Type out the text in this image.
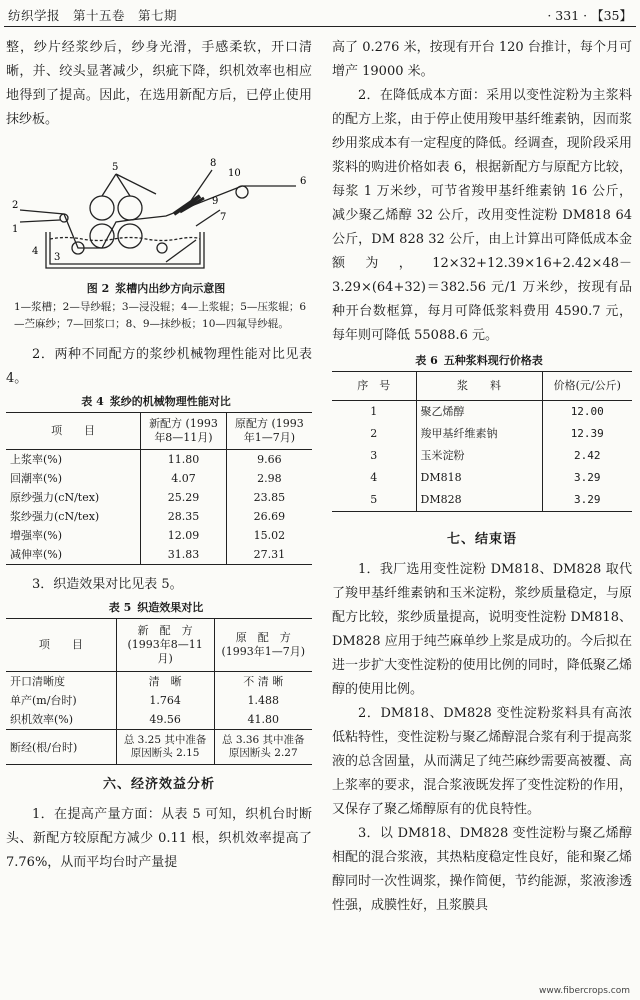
纺织学报　第十五卷　第七期	· 331 · 【35】

整，纱片经浆纱后，纱身光滑，手感柔软，开口清晰，并、绞头显著减少，织疵下降，织机效率也相应地得到了提高。因此，在选用新配方后，已停止使用抹纱板。

2
1
4
3
5	8
6
10
9
7
图 2 浆槽内出纱方向示意图
1—浆槽；2—导纱辊；3—浸没辊；4—上浆辊；5—压浆辊；6—苎麻纱；7—回浆口；8、9—抹纱板；10—四氟导纱辊。

2．两种不同配方的浆纱机械物理性能对比见表 4。

表 4 浆纱的机械物理性能对比
项　　目	新配方 (1993年8—11月)	原配方 (1993年1—7月)
上浆率(%)	11.80	9.66
回潮率(%)	4.07	2.98
原纱强力(cN/tex)	25.29	23.85
浆纱强力(cN/tex)	28.35	26.69
增强率(%)	12.09	15.02
减伸率(%)	31.83	27.31

3．织造效果对比见表 5。

表 5 织造效果对比
项　　目	新　配　方 (1993年8—11月)	原　配　方 (1993年1—7月)
开口清晰度	清　晰	不 清 晰
单产(m/台时)	1.764	1.488
织机效率(%)	49.56	41.80
断经(根/台时)	总 3.25 其中准备原因断头 2.15	总 3.36 其中准备原因断头 2.27
六、经济效益分析

1．在提高产量方面：从表 5 可知，织机台时断头、新配方较原配方减少 0.11 根，织机效率提高了 7.76%，从而平均台时产量提

高了 0.276 米，按现有开台 120 台推计，每个月可增产 19000 米。

2．在降低成本方面：采用以变性淀粉为主浆料的配方上浆，由于停止使用羧甲基纤维素钠，因而浆纱用浆成本有一定程度的降低。经调查，现阶段采用浆料的购进价格如表 6，根据新配方与原配方比较，每浆 1 万米纱，可节省羧甲基纤维素钠 16 公斤，减少聚乙烯醇 32 公斤，改用变性淀粉 DM818 64 公斤，DM 828 32 公斤，由上计算出可降低成本金额为，12×32+12.39×16+2.42×48－3.29×(64+32)＝382.56 元/1 万米纱，按现有品种开台数框算，每月可降低浆料费用 4590.7 元，每年则可降低 55088.6 元。

表 6 五种浆料现行价格表
序　号	浆　　料	价格(元/公斤)
1	聚乙烯醇	12.00
2	羧甲基纤维素钠	12.39
3	玉米淀粉	2.42
4	DM818	3.29
5	DM828	3.29
七、结束语

1．我厂选用变性淀粉 DM818、DM828 取代了羧甲基纤维素钠和玉米淀粉，浆纱质量稳定，与原配方比较，浆纱质量提高，说明变性淀粉 DM818、DM828 应用于纯苎麻单纱上浆是成功的。今后拟在进一步扩大变性淀粉的使用比例的同时，降低聚乙烯醇的使用比例。

2．DM818、DM828 变性淀粉浆料具有高浓低粘特性，变性淀粉与聚乙烯醇混合浆有利于提高浆液的总含固量，从而满足了纯苎麻纱需要高被覆、高上浆率的要求，混合浆液既发挥了变性淀粉的作用，又保存了聚乙烯醇原有的优良特性。

3．以 DM818、DM828 变性淀粉与聚乙烯醇相配的混合浆液，其热粘度稳定性良好，能和聚乙烯醇同时一次性调浆，操作简便，节约能源，浆液渗透性强，成膜性好，且浆膜具

www.fibercrops.com
